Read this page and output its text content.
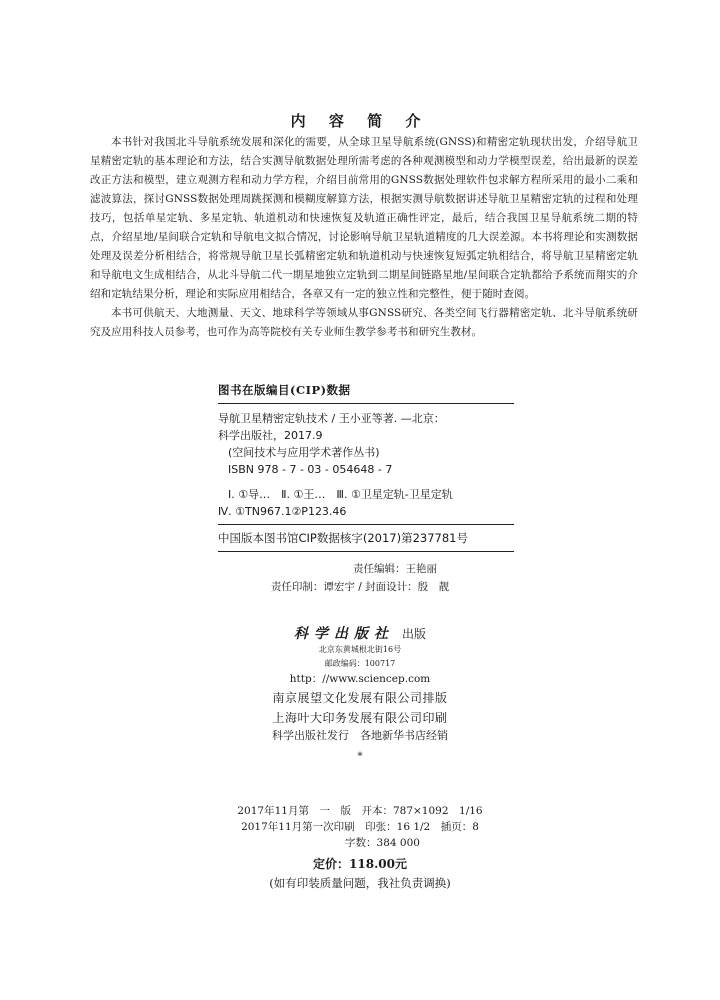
内 容 简 介

本书针对我国北斗导航系统发展和深化的需要，从全球卫星导航系统(GNSS)和精密定轨现状出发，介绍导航卫星精密定轨的基本理论和方法，结合实测导航数据处理所需考虑的各种观测模型和动力学模型误差，给出最新的误差改正方法和模型，建立观测方程和动力学方程，介绍目前常用的GNSS数据处理软件包求解方程所采用的最小二乘和滤波算法，探讨GNSS数据处理周跳探测和模糊度解算方法，根据实测导航数据讲述导航卫星精密定轨的过程和处理技巧，包括单星定轨、多星定轨、轨道机动和快速恢复及轨道正确性评定，最后，结合我国卫星导航系统二期的特点，介绍星地/星间联合定轨和导航电文拟合情况，讨论影响导航卫星轨道精度的几大误差源。本书将理论和实测数据处理及误差分析相结合，将常规导航卫星长弧精密定轨和轨道机动与快速恢复短弧定轨相结合，将导航卫星精密定轨和导航电文生成相结合，从北斗导航二代一期星地独立定轨到二期星间链路星地/星间联合定轨都给予系统而翔实的介绍和定轨结果分析，理论和实际应用相结合，各章又有一定的独立性和完整性，便于随时查阅。

本书可供航天、大地测量、天文、地球科学等领域从事GNSS研究、各类空间飞行器精密定轨、北斗导航系统研究及应用科技人员参考，也可作为高等院校有关专业师生教学参考书和研究生教材。

图书在版编目(CIP)数据
导航卫星精密定轨技术 / 王小亚等著. —北京：
科学出版社，2017.9
(空间技术与应用学术著作丛书)
ISBN 978 - 7 - 03 - 054648 - 7
Ⅰ. ①导…　Ⅱ. ①王…　Ⅲ. ①卫星定轨-卫星定轨
Ⅳ. ①TN967.1②P123.46
中国版本图书馆CIP数据核字(2017)第237781号
责任编辑：王艳丽
责任印制：谭宏宇 / 封面设计：殷　靓
科学出版社 出版
北京东黄城根北街16号
邮政编码：100717
http：//www.sciencep.com
南京展望文化发展有限公司排版
上海叶大印务发展有限公司印刷
科学出版社发行　各地新华书店经销
*
2017年11月第　一　版　开本：787×1092　1/16
2017年11月第一次印刷　印张：16 1/2　插页：8
字数：384 000
定价：118.00元
(如有印装质量问题，我社负责调换)
